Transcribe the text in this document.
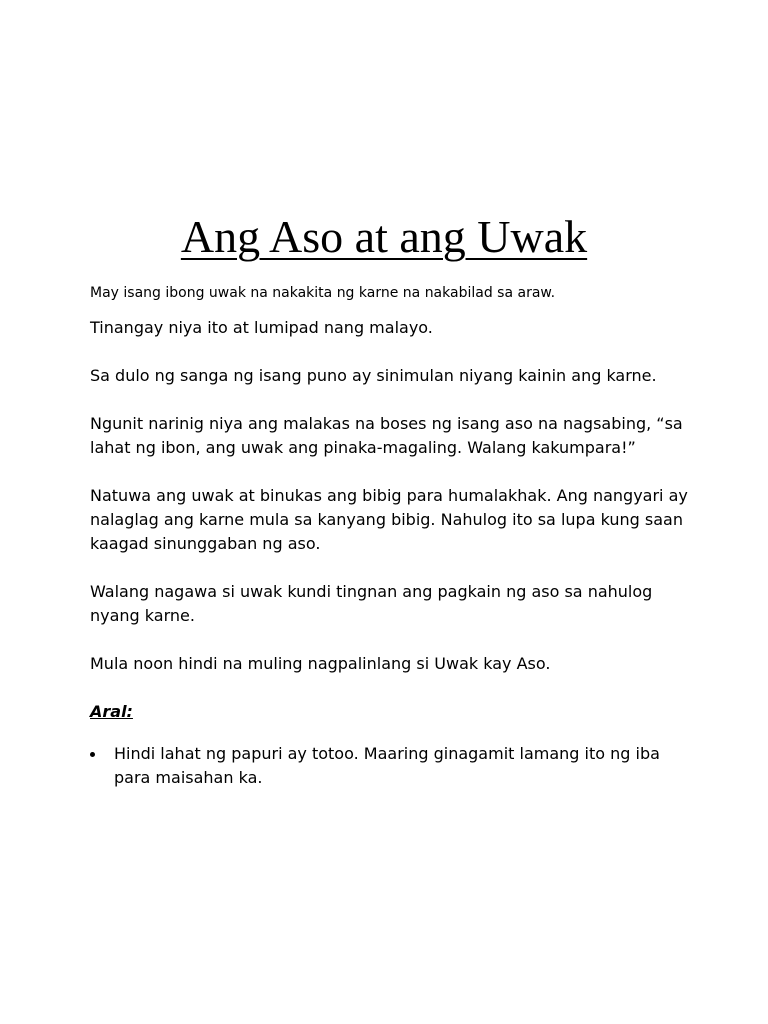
Ang Aso at ang Uwak

May isang ibong uwak na nakakita ng karne na nakabilad sa araw.

Tinangay niya ito at lumipad nang malayo.

Sa dulo ng sanga ng isang puno ay sinimulan niyang kainin ang karne.

Ngunit narinig niya ang malakas na boses ng isang aso na nagsabing, “sa lahat ng ibon, ang uwak ang pinaka-magaling. Walang kakumpara!”

Natuwa ang uwak at binukas ang bibig para humalakhak. Ang nangyari ay nalaglag ang karne mula sa kanyang bibig. Nahulog ito sa lupa kung saan kaagad sinunggaban ng aso.

Walang nagawa si uwak kundi tingnan ang pagkain ng aso sa nahulog nyang karne.

Mula noon hindi na muling nagpalinlang si Uwak kay Aso.

Aral:

Hindi lahat ng papuri ay totoo. Maaring ginagamit lamang ito ng iba para maisahan ka.
